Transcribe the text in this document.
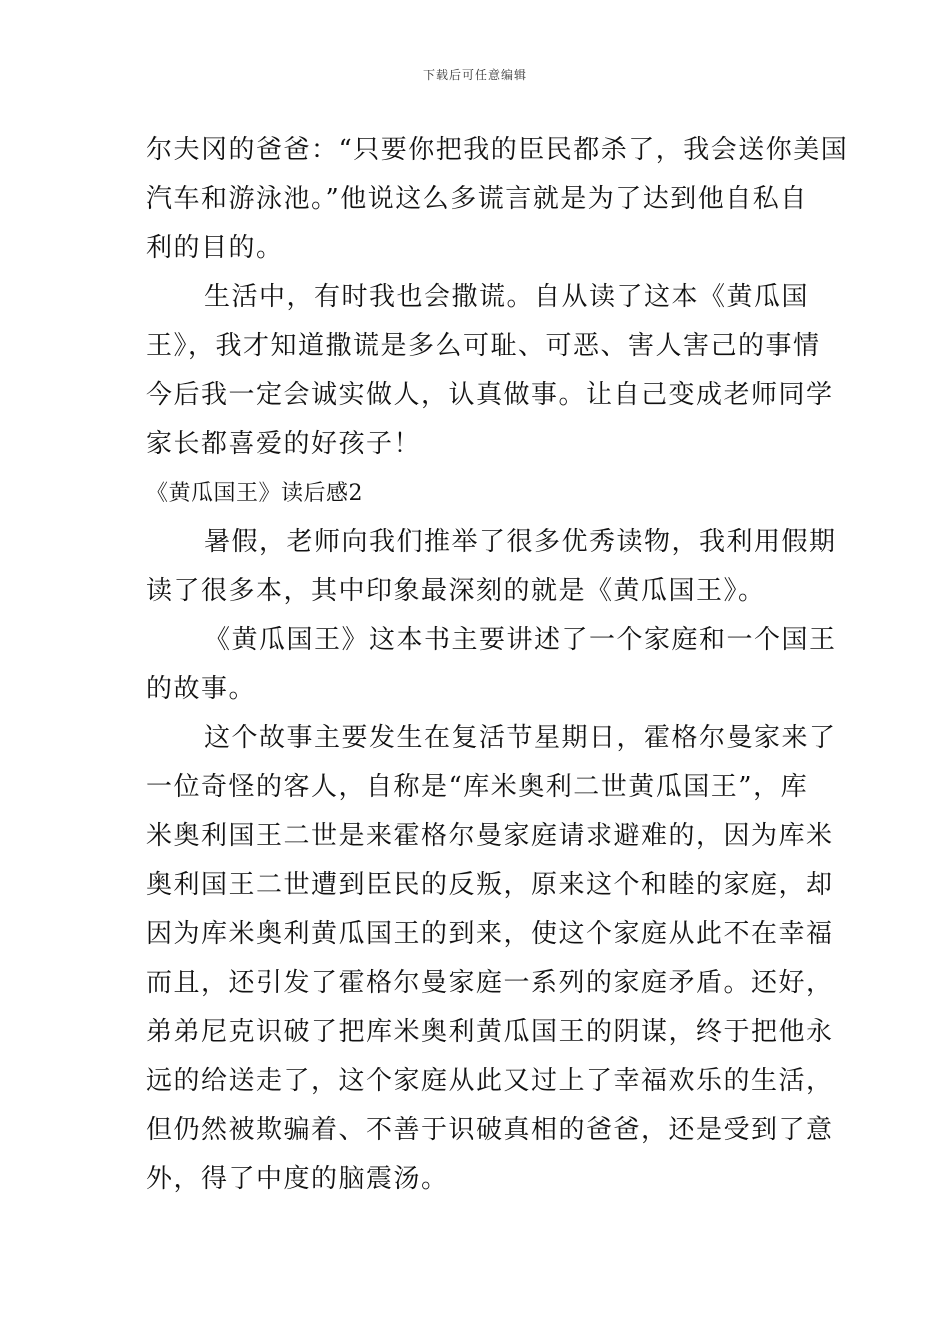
下载后可任意编辑
尔夫冈的爸爸：“只要你把我的臣民都杀了，我会送你美国
汽车和游泳池。”他说这么多谎言就是为了达到他自私自
利的目的。
生活中，有时我也会撒谎。自从读了这本《黄瓜国
王》，我才知道撒谎是多么可耻、可恶、害人害己的事情
今后我一定会诚实做人，认真做事。让自己变成老师同学
家长都喜爱的好孩子！
《黄瓜国王》读后感2
暑假，老师向我们推举了很多优秀读物，我利用假期
读了很多本，其中印象最深刻的就是《黄瓜国王》。
《黄瓜国王》这本书主要讲述了一个家庭和一个国王
的故事。
这个故事主要发生在复活节星期日，霍格尔曼家来了
一位奇怪的客人，自称是“库米奥利二世黄瓜国王”，库
米奥利国王二世是来霍格尔曼家庭请求避难的，因为库米
奥利国王二世遭到臣民的反叛，原来这个和睦的家庭，却
因为库米奥利黄瓜国王的到来，使这个家庭从此不在幸福
而且，还引发了霍格尔曼家庭一系列的家庭矛盾。还好，
弟弟尼克识破了把库米奥利黄瓜国王的阴谋，终于把他永
远的给送走了，这个家庭从此又过上了幸福欢乐的生活，
但仍然被欺骗着、不善于识破真相的爸爸，还是受到了意
外，得了中度的脑震汤。
